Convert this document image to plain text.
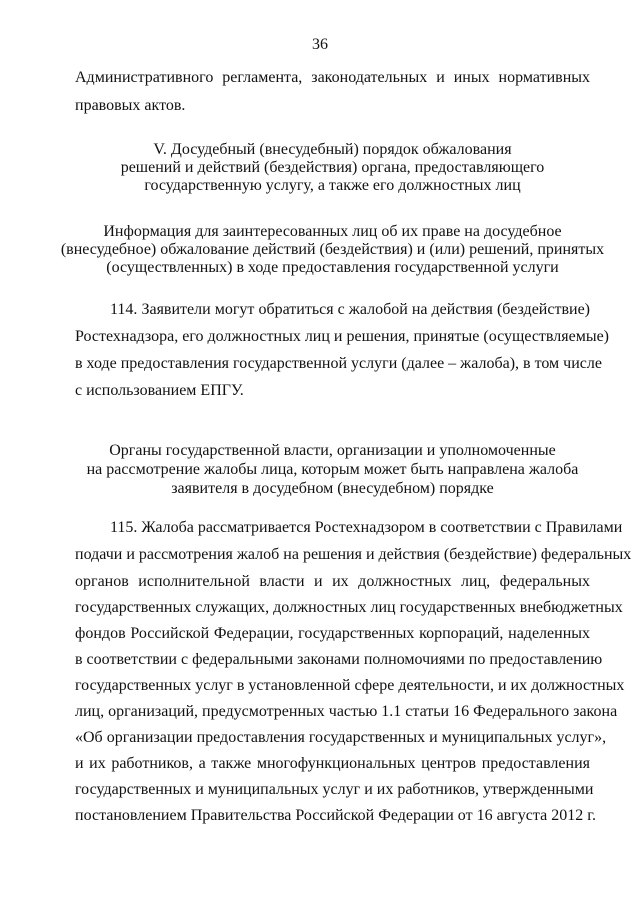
36
Административного регламента, законодательных и иных нормативных
правовых актов.
V. Досудебный (внесудебный) порядок обжалования
решений и действий (бездействия) органа, предоставляющего
государственную услугу, а также его должностных лиц
Информация для заинтересованных лиц об их праве на досудебное
(внесудебное) обжалование действий (бездействия) и (или) решений, принятых
(осуществленных) в ходе предоставления государственной услуги
114. Заявители могут обратиться с жалобой на действия (бездействие)
Ростехнадзора, его должностных лиц и решения, принятые (осуществляемые)
в ходе предоставления государственной услуги (далее – жалоба), в том числе
с использованием ЕПГУ.
Органы государственной власти, организации и уполномоченные
на рассмотрение жалобы лица, которым может быть направлена жалоба
заявителя в досудебном (внесудебном) порядке
115. Жалоба рассматривается Ростехнадзором в соответствии с Правилами
подачи и рассмотрения жалоб на решения и действия (бездействие) федеральных
органов исполнительной власти и их должностных лиц, федеральных
государственных служащих, должностных лиц государственных внебюджетных
фондов Российской Федерации, государственных корпораций, наделенных
в соответствии с федеральными законами полномочиями по предоставлению
государственных услуг в установленной сфере деятельности, и их должностных
лиц, организаций, предусмотренных частью 1.1 статьи 16 Федерального закона
«Об организации предоставления государственных и муниципальных услуг»,
и их работников, а также многофункциональных центров предоставления
государственных и муниципальных услуг и их работников, утвержденными
постановлением Правительства Российской Федерации от 16 августа 2012 г.
